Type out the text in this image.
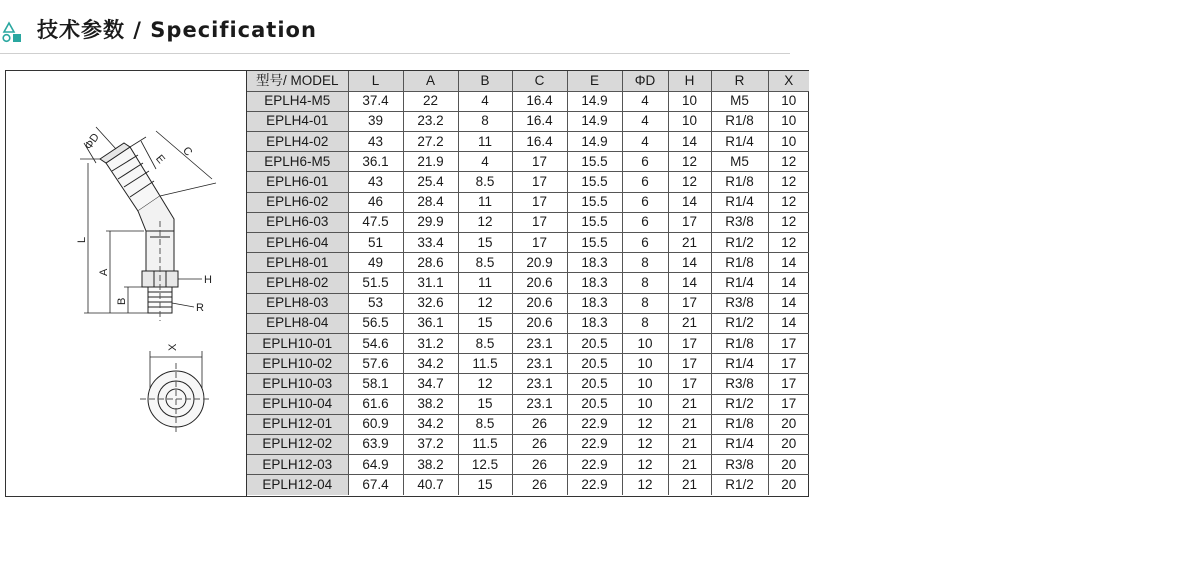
技术参数 / Specification
ΦD
E
C
L
A
B
H
R
X
型号/ MODEL	L	A	B	C	E	ΦD	H	R	X
EPLH4-M5	37.4	22	4	16.4	14.9	4	10	M5	10
EPLH4-01	39	23.2	8	16.4	14.9	4	10	R1/8	10
EPLH4-02	43	27.2	11	16.4	14.9	4	14	R1/4	10
EPLH6-M5	36.1	21.9	4	17	15.5	6	12	M5	12
EPLH6-01	43	25.4	8.5	17	15.5	6	12	R1/8	12
EPLH6-02	46	28.4	11	17	15.5	6	14	R1/4	12
EPLH6-03	47.5	29.9	12	17	15.5	6	17	R3/8	12
EPLH6-04	51	33.4	15	17	15.5	6	21	R1/2	12
EPLH8-01	49	28.6	8.5	20.9	18.3	8	14	R1/8	14
EPLH8-02	51.5	31.1	11	20.6	18.3	8	14	R1/4	14
EPLH8-03	53	32.6	12	20.6	18.3	8	17	R3/8	14
EPLH8-04	56.5	36.1	15	20.6	18.3	8	21	R1/2	14
EPLH10-01	54.6	31.2	8.5	23.1	20.5	10	17	R1/8	17
EPLH10-02	57.6	34.2	11.5	23.1	20.5	10	17	R1/4	17
EPLH10-03	58.1	34.7	12	23.1	20.5	10	17	R3/8	17
EPLH10-04	61.6	38.2	15	23.1	20.5	10	21	R1/2	17
EPLH12-01	60.9	34.2	8.5	26	22.9	12	21	R1/8	20
EPLH12-02	63.9	37.2	11.5	26	22.9	12	21	R1/4	20
EPLH12-03	64.9	38.2	12.5	26	22.9	12	21	R3/8	20
EPLH12-04	67.4	40.7	15	26	22.9	12	21	R1/2	20
